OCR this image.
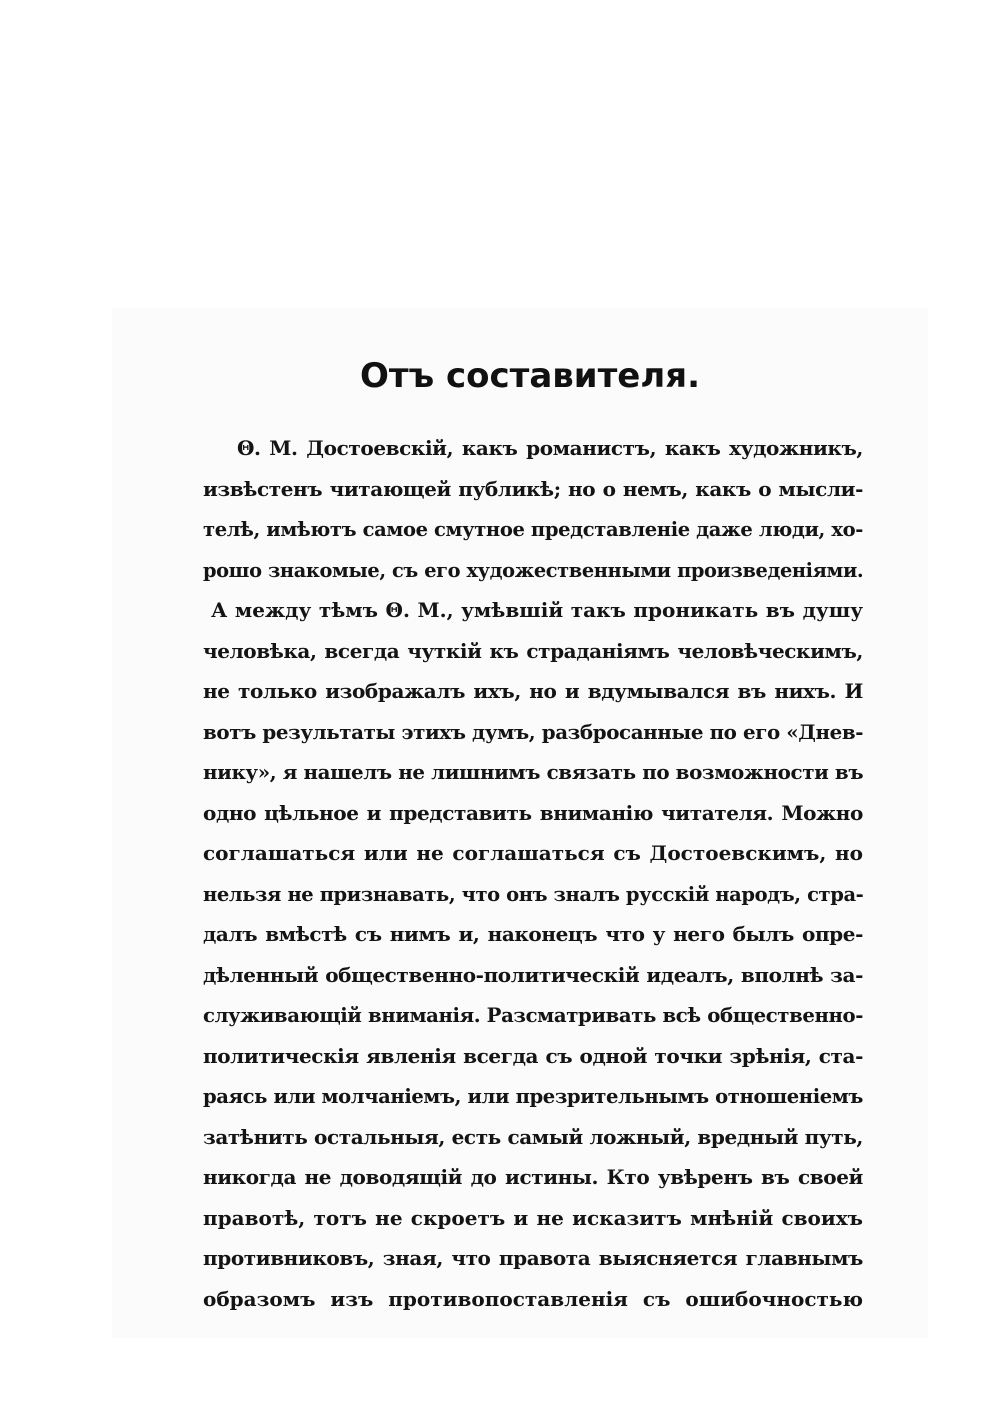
Отъ составителя.
Θ. М. Достоевскій, какъ романистъ, какъ художникъ,
извѣстенъ читающей публикѣ; но о немъ, какъ о мысли-
телѣ, имѣютъ самое смутное представленіе даже люди, хо-
рошо знакомые, съ его художественными произведеніями.
А между тѣмъ Θ. М., умѣвшій такъ проникать въ душу
человѣка, всегда чуткій къ страданіямъ человѣческимъ,
не только изображалъ ихъ, но и вдумывался въ нихъ. И
вотъ результаты этихъ думъ, разбросанные по его «Днев-
нику», я нашелъ не лишнимъ связать по возможности въ
одно цѣльное и представить вниманію читателя. Можно
соглашаться или не соглашаться съ Достоевскимъ, но
нельзя не признавать, что онъ зналъ русскій народъ, стра-
далъ вмѣстѣ съ нимъ и, наконецъ что у него былъ опре-
дѣленный общественно-политическій идеалъ, вполнѣ за-
служивающій вниманія. Разсматривать всѣ общественно-
политическія явленія всегда съ одной точки зрѣнія, ста-
раясь или молчаніемъ, или презрительнымъ отношеніемъ
затѣнить остальныя, есть самый ложный, вредный путь,
никогда не доводящій до истины. Кто увѣренъ въ своей
правотѣ, тотъ не скроетъ и не исказитъ мнѣній своихъ
противниковъ, зная, что правота выясняется главнымъ
образомъ изъ противопоставленія съ ошибочностью
